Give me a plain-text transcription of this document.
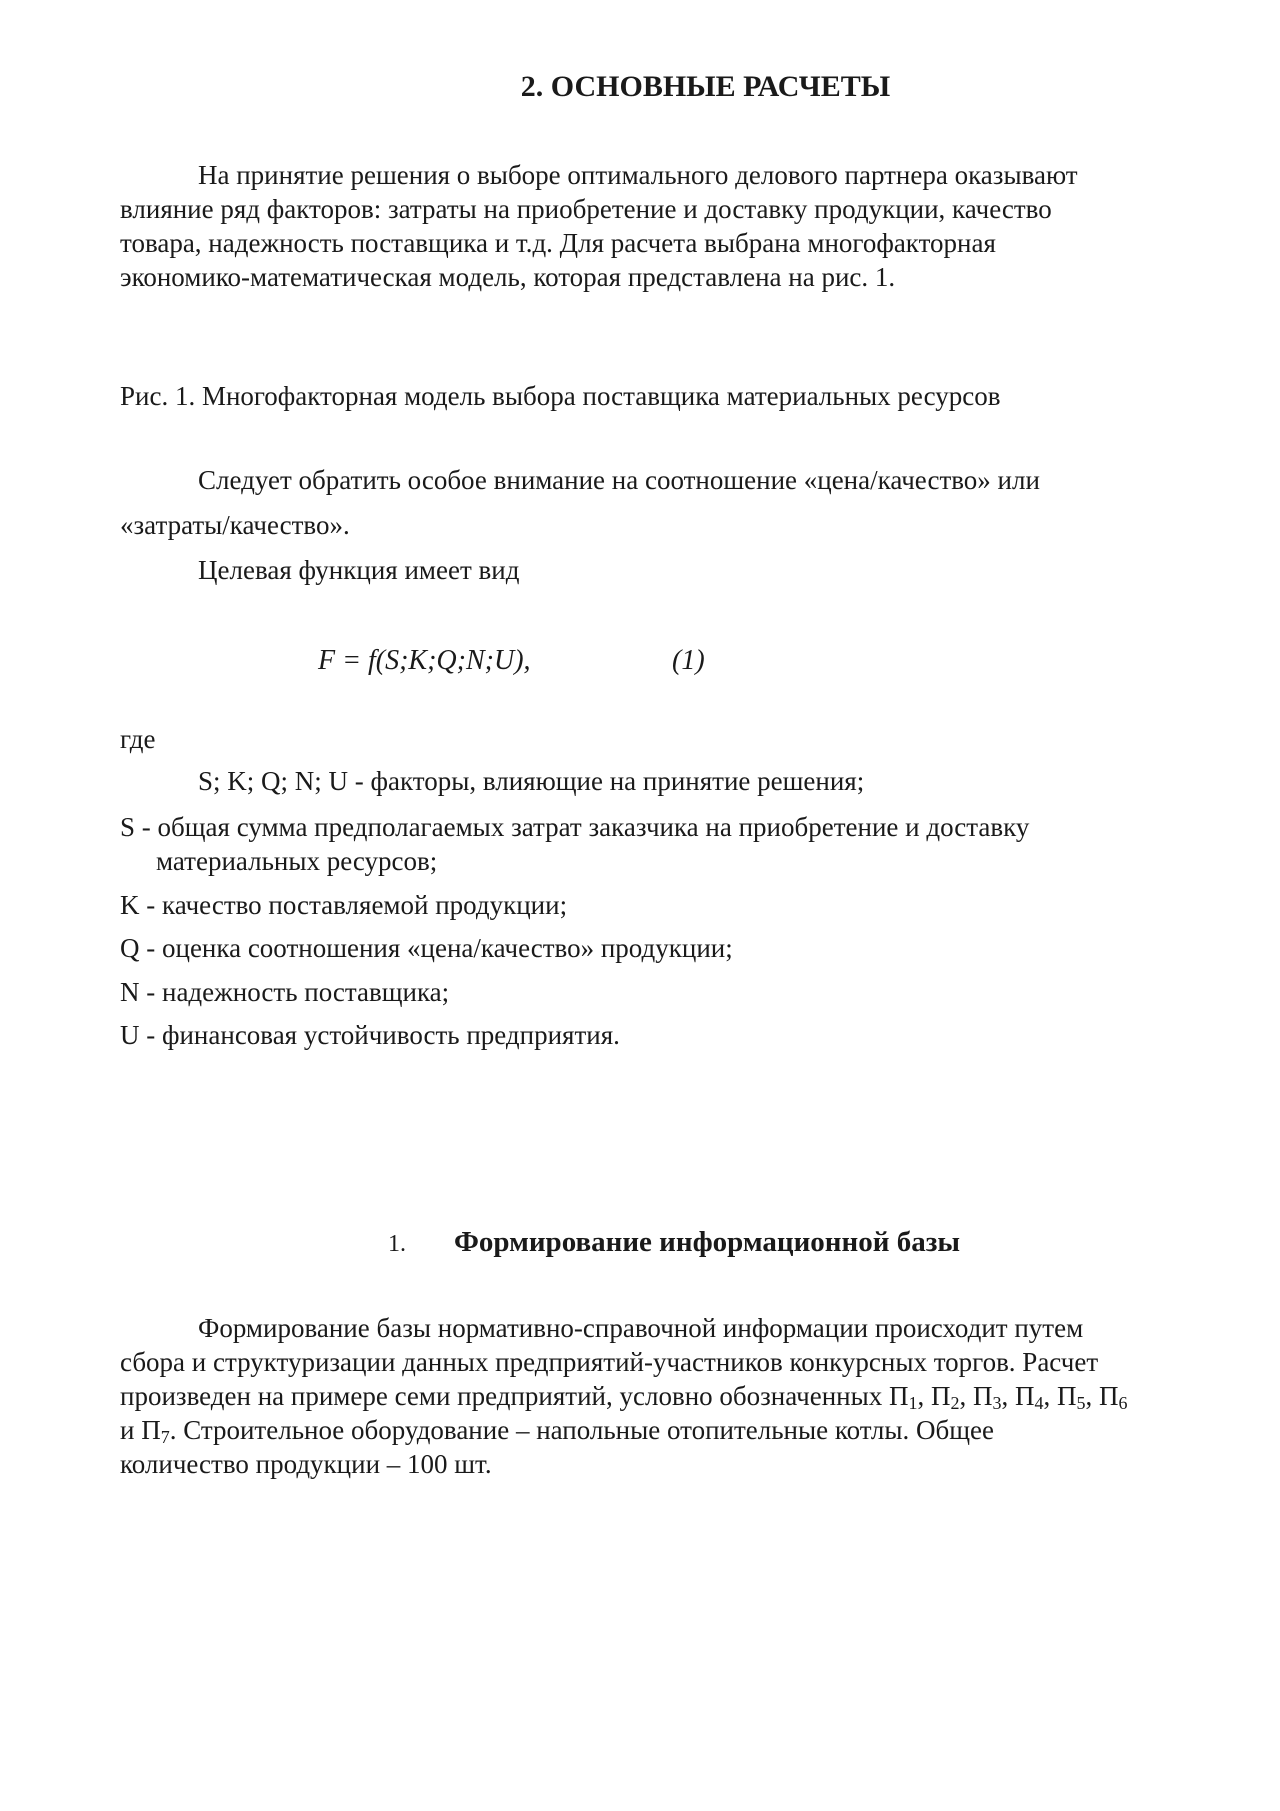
2. ОСНОВНЫЕ РАСЧЕТЫ
На принятие решения о выборе оптимального делового партнера оказывают
влияние ряд факторов: затраты на приобретение и доставку продукции, качество
товара, надежность поставщика и т.д. Для расчета выбрана многофакторная
экономико-математическая модель, которая представлена на рис. 1.
Рис. 1. Многофакторная модель выбора поставщика материальных ресурсов
Следует обратить особое внимание на соотношение «цена/качество» или
«затраты/качество».
Целевая функция имеет вид
F = f(S;K;Q;N;U),	(1)
где
S; K; Q; N; U - факторы, влияющие на принятие решения;
S - общая сумма предполагаемых затрат заказчика на приобретение и доставку
материальных ресурсов;
K - качество поставляемой продукции;
Q - оценка соотношения «цена/качество» продукции;
N - надежность поставщика;
U - финансовая устойчивость предприятия.
1. Формирование информационной базы
Формирование базы нормативно-справочной информации происходит путем
сбора и структуризации данных предприятий-участников конкурсных торгов. Расчет
произведен на примере семи предприятий, условно обозначенных $П_1$, $П_2$, $П_3$, $П_4$, $П_5$, $П_6$
и $П_7$. Строительное оборудование – напольные отопительные котлы. Общее
количество продукции – 100 шт.
